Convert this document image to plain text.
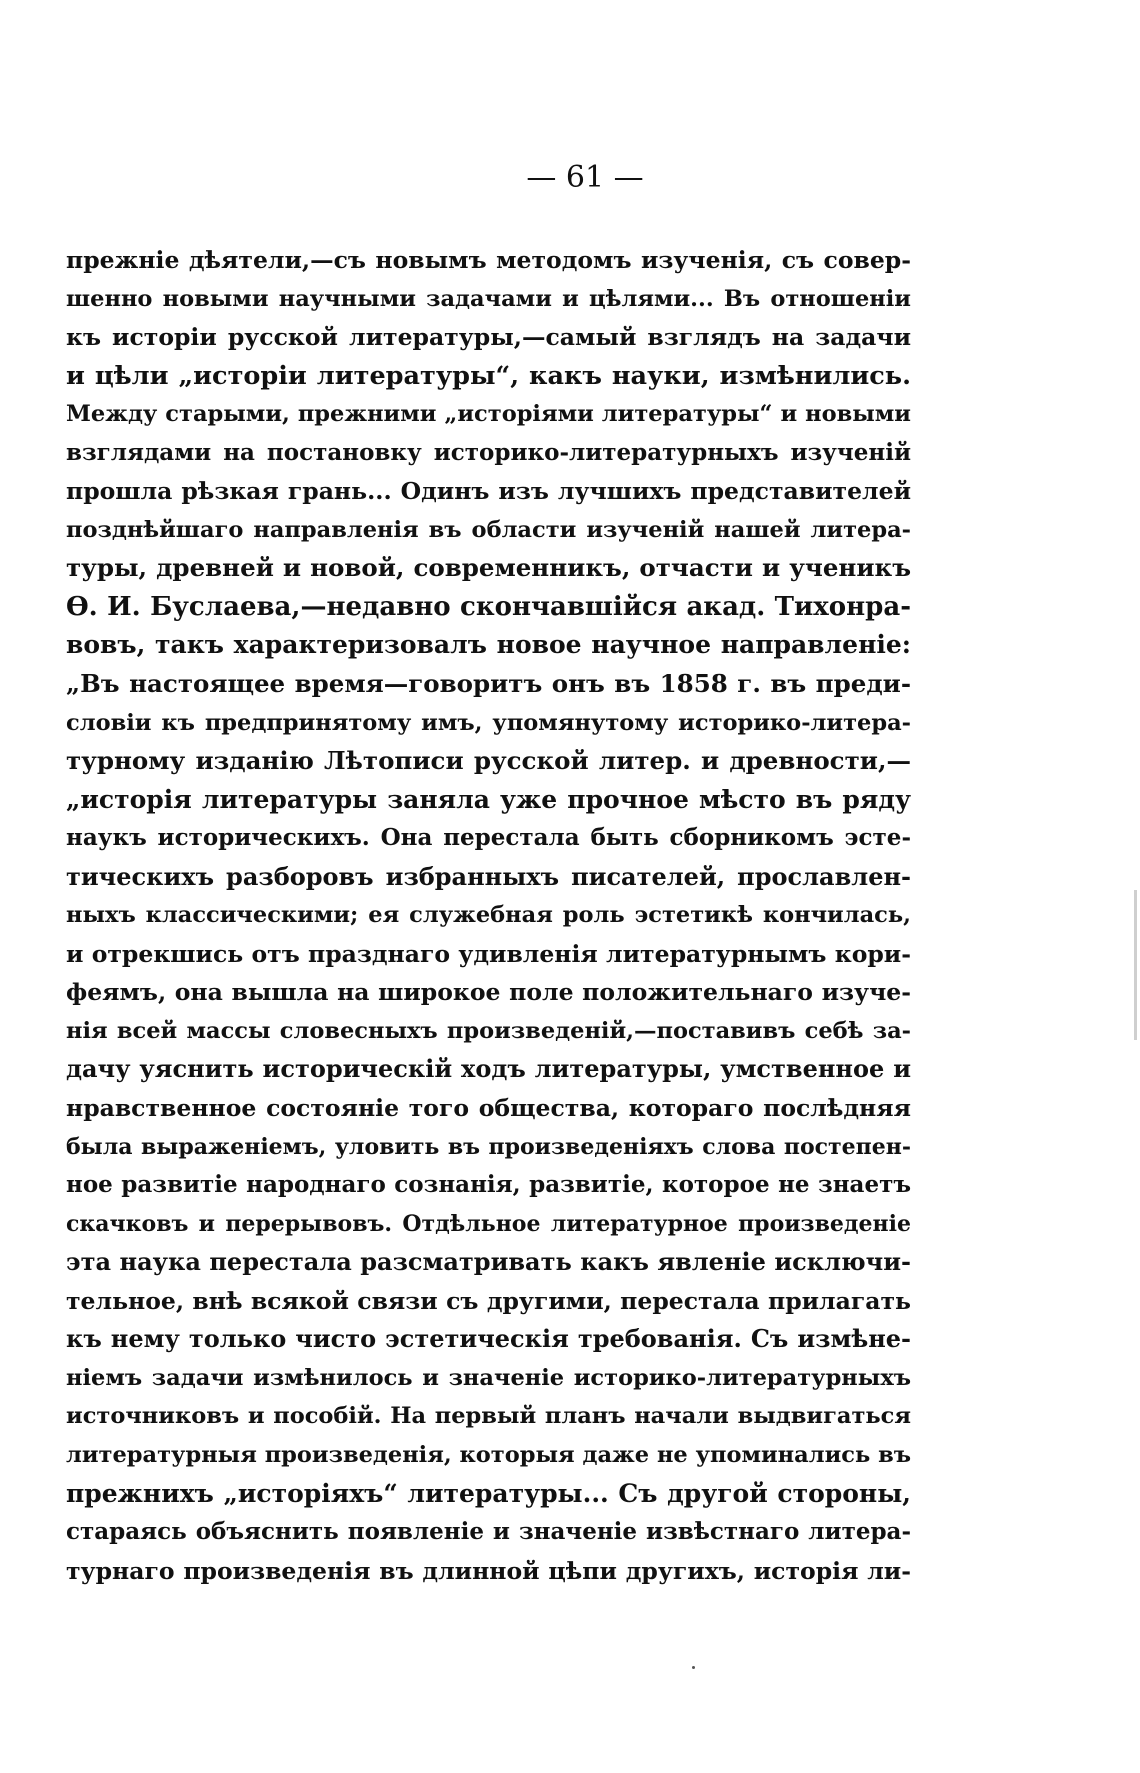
— 61 —
прежніе дѣятели,—съ новымъ методомъ изученія, съ совер-
шенно новыми научными задачами и цѣлями... Въ отношеніи
къ исторіи русской литературы,—самый взглядъ на задачи
и цѣли „исторіи литературы“, какъ науки, измѣнились.
Между старыми, прежними „исторіями литературы“ и новыми
взглядами на постановку историко-литературныхъ изученій
прошла рѣзкая грань... Одинъ изъ лучшихъ представителей
позднѣйшаго направленія въ области изученій нашей литера-
туры, древней и новой, современникъ, отчасти и ученикъ
Ѳ. И. Буслаева,—недавно скончавшійся акад. Тихонра-
вовъ, такъ характеризовалъ новое научное направленіе:
„Въ настоящее время—говоритъ онъ въ 1858 г. въ преди-
словіи къ предпринятому имъ, упомянутому историко-литера-
турному изданію Лѣтописи русской литер. и древности,—
„исторія литературы заняла уже прочное мѣсто въ ряду
наукъ историческихъ. Она перестала быть сборникомъ эсте-
тическихъ разборовъ избранныхъ писателей, прославлен-
ныхъ классическими; ея служебная роль эстетикѣ кончилась,
и отрекшись отъ празднаго удивленія литературнымъ кори-
феямъ, она вышла на широкое поле положительнаго изуче-
нія всей массы словесныхъ произведеній,—поставивъ себѣ за-
дачу уяснить историческій ходъ литературы, умственное и
нравственное состояніе того общества, котораго послѣдняя
была выраженіемъ, уловить въ произведеніяхъ слова постепен-
ное развитіе народнаго сознанія, развитіе, которое не знаетъ
скачковъ и перерывовъ. Отдѣльное литературное произведеніе
эта наука перестала разсматривать какъ явленіе исключи-
тельное, внѣ всякой связи съ другими, перестала прилагать
къ нему только чисто эстетическія требованія. Съ измѣне-
ніемъ задачи измѣнилось и значеніе историко-литературныхъ
источниковъ и пособій. На первый планъ начали выдвигаться
литературныя произведенія, которыя даже не упоминались въ
прежнихъ „исторіяхъ“ литературы... Съ другой стороны,
стараясь объяснить появленіе и значеніе извѣстнаго литера-
турнаго произведенія въ длинной цѣпи другихъ, исторія ли-
